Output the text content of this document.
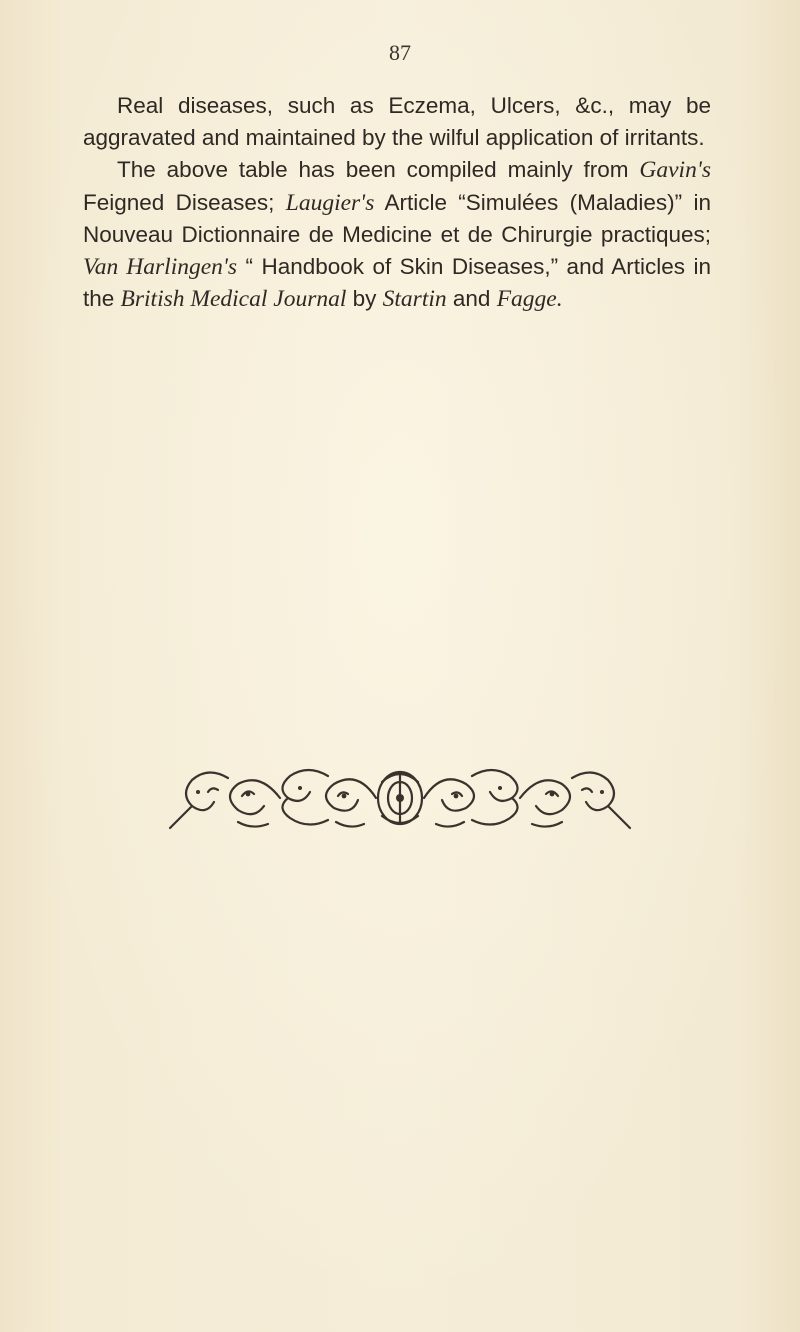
87

Real diseases, such as Eczema, Ulcers, &c., may be aggravated and maintained by the wilful application of irritants.

The above table has been compiled mainly from Gavin's Feigned Diseases; Laugier's Article “Simulées (Maladies)” in Nouveau Dictionnaire de Medicine et de Chirurgie practiques; Van Harlingen's “ Handbook of Skin Diseases,” and Articles in the British Medical Journal by Startin and Fagge.
